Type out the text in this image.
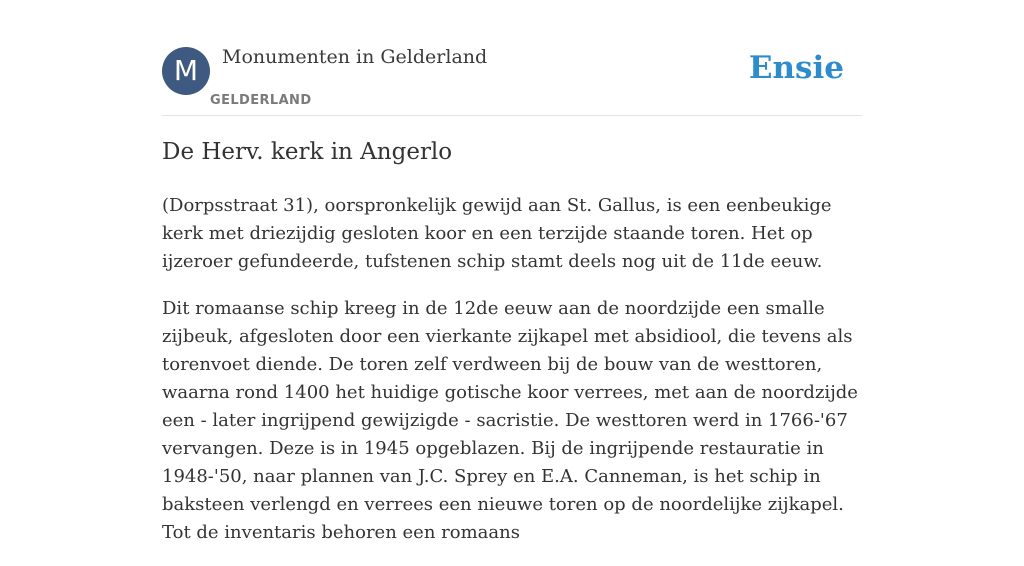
M	Monumenten in Gelderland
GELDERLAND
Ensie
De Herv. kerk in Angerlo

(Dorpsstraat 31), oorspronkelijk gewijd aan St. Gallus, is een eenbeukige kerk met driezijdig gesloten koor en een terzijde staande toren. Het op ijzeroer gefundeerde, tufstenen schip stamt deels nog uit de 11de eeuw.

Dit romaanse schip kreeg in de 12de eeuw aan de noordzijde een smalle zijbeuk, afgesloten door een vierkante zijkapel met absidiool, die tevens als torenvoet diende. De toren zelf verdween bij de bouw van de westtoren, waarna rond 1400 het huidige gotische koor verrees, met aan de noordzijde een - later ingrijpend gewijzigde - sacristie. De westtoren werd in 1766-'67 vervangen. Deze is in 1945 opgeblazen. Bij de ingrijpende restauratie in 1948-'50, naar plannen van J.C. Sprey en E.A. Canneman, is het schip in baksteen verlengd en verrees een nieuwe toren op de noordelijke zijkapel. Tot de inventaris behoren een romaans
